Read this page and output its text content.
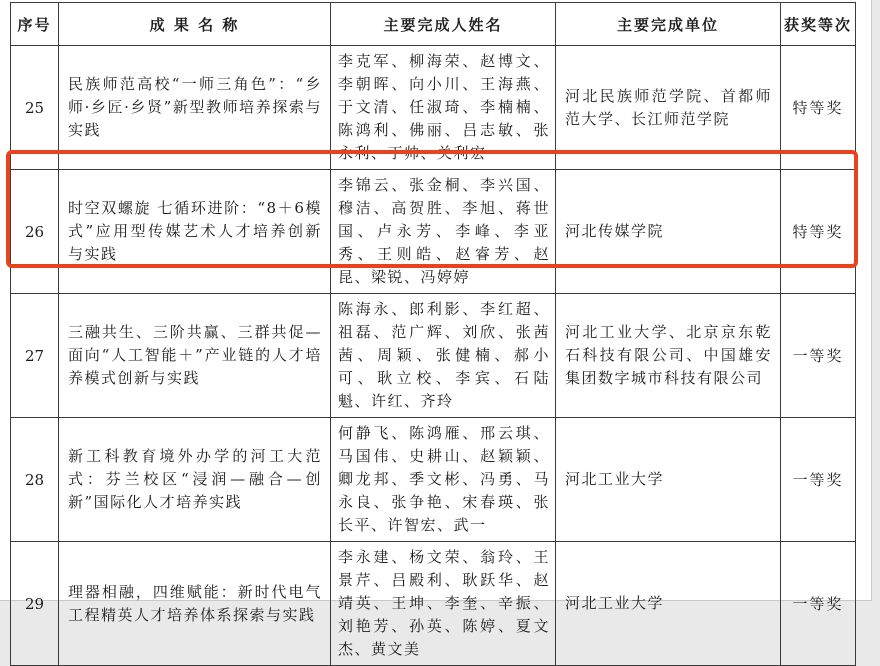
序号	成 果 名 称	主要完成人姓名	主要完成单位	获奖等次
25	民族师范高校“一师三角色”：“乡师·乡匠·乡贤”新型教师培养探索与实践	李克军、柳海荣、赵博文、李朝晖、向小川、王海燕、于文清、任淑琦、李楠楠、陈鸿利、佛丽、吕志敏、张永利、丁帅、关利宏	河北民族师范学院、首都师范大学、长江师范学院	特等奖
26	时空双螺旋 七循环进阶：“8＋6模式”应用型传媒艺术人才培养创新与实践	李锦云、张金桐、李兴国、穆洁、高贺胜、李旭、蒋世国、卢永芳、李峰、李亚秀、王则皓、赵睿芳、赵昆、梁锐、冯婷婷	河北传媒学院	特等奖
27	三融共生、三阶共赢、三群共促—面向“人工智能＋”产业链的人才培养模式创新与实践	陈海永、郎利影、李红超、祖磊、范广辉、刘欣、张茜茜、周颖、张健楠、郝小可、耿立校、李宾、石陆魁、许红、齐玲	河北工业大学、北京京东乾石科技有限公司、中国雄安集团数字城市科技有限公司	一等奖
28	新工科教育境外办学的河工大范式：芬兰校区“浸润—融合—创新”国际化人才培养实践	何静飞、陈鸿雁、邢云琪、马国伟、史耕山、赵颖颖、卿龙邦、季文彬、冯勇、马永良、张争艳、宋春瑛、张长平、许智宏、武一	河北工业大学	一等奖
29	理器相融，四维赋能：新时代电气工程精英人才培养体系探索与实践	李永建、杨文荣、翁玲、王景芹、吕殿利、耿跃华、赵靖英、王坤、李奎、辛振、刘艳芳、孙英、陈婷、夏文杰、黄文美	河北工业大学	一等奖
